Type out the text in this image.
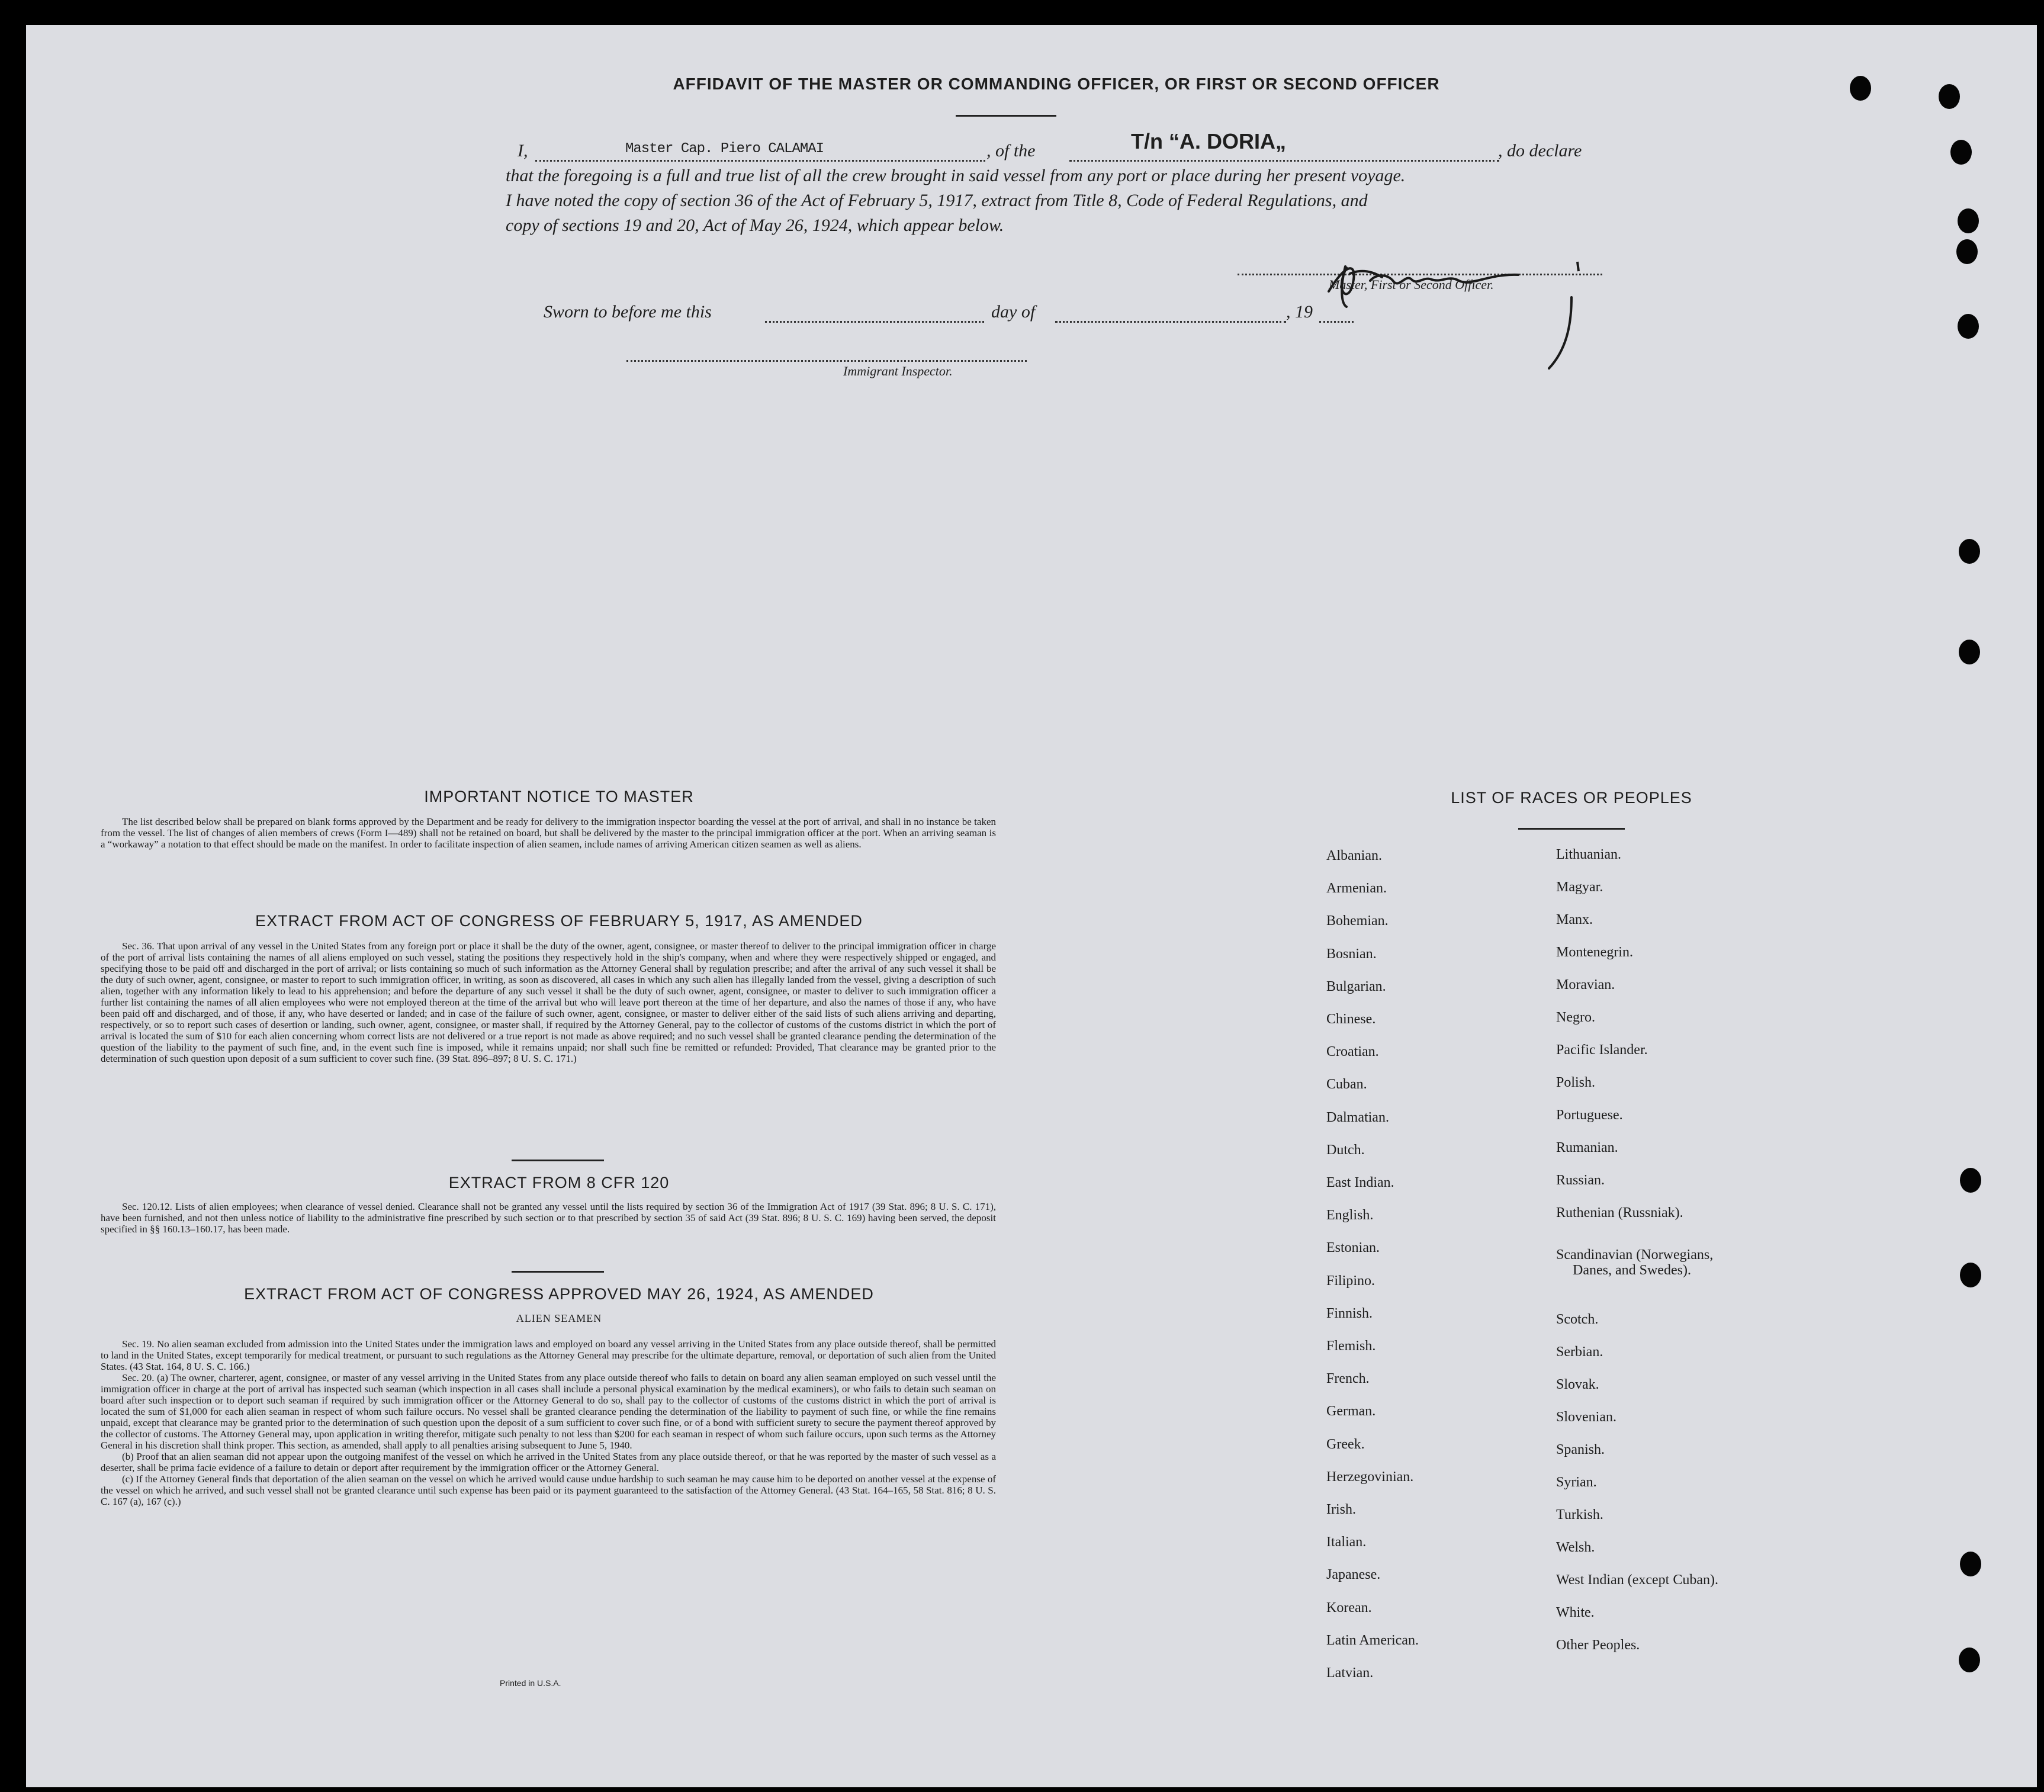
AFFIDAVIT OF THE MASTER OR COMMANDING OFFICER, OR FIRST OR SECOND OFFICER
I,	Master Cap. Piero CALAMAI	, of the	T/n “A. DORIA„	, do declare
that the foregoing is a full and true list of all the crew brought in said vessel from any port or place during her present voyage.
I have noted the copy of section 36 of the Act of February 5, 1917, extract from Title 8, Code of Federal Regulations, and
copy of sections 19 and 20, Act of May 26, 1924, which appear below.
Master, First or Second Officer.
Sworn to before me this	day of	, 19
Immigrant Inspector.
IMPORTANT NOTICE TO MASTER

The list described below shall be prepared on blank forms approved by the Department and be ready for delivery to the immigration inspector boarding the vessel at the port of arrival, and shall in no instance be taken from the vessel. The list of changes of alien members of crews (Form I—489) shall not be retained on board, but shall be delivered by the master to the principal immigration officer at the port. When an arriving seaman is a “workaway” a notation to that effect should be made on the manifest. In order to facilitate inspection of alien seamen, include names of arriving American citizen seamen as well as aliens.

EXTRACT FROM ACT OF CONGRESS OF FEBRUARY 5, 1917, AS AMENDED

Sec. 36. That upon arrival of any vessel in the United States from any foreign port or place it shall be the duty of the owner, agent, consignee, or master thereof to deliver to the principal immigration officer in charge of the port of arrival lists containing the names of all aliens employed on such vessel, stating the positions they respectively hold in the ship's company, when and where they were respectively shipped or engaged, and specifying those to be paid off and discharged in the port of arrival; or lists containing so much of such information as the Attorney General shall by regulation prescribe; and after the arrival of any such vessel it shall be the duty of such owner, agent, consignee, or master to report to such immigration officer, in writing, as soon as discovered, all cases in which any such alien has illegally landed from the vessel, giving a description of such alien, together with any information likely to lead to his apprehension; and before the departure of any such vessel it shall be the duty of such owner, agent, consignee, or master to deliver to such immigration officer a further list containing the names of all alien employees who were not employed thereon at the time of the arrival but who will leave port thereon at the time of her departure, and also the names of those if any, who have been paid off and discharged, and of those, if any, who have deserted or landed; and in case of the failure of such owner, agent, consignee, or master to deliver either of the said lists of such aliens arriving and departing, respectively, or so to report such cases of desertion or landing, such owner, agent, consignee, or master shall, if required by the Attorney General, pay to the collector of customs of the customs district in which the port of arrival is located the sum of $10 for each alien concerning whom correct lists are not delivered or a true report is not made as above required; and no such vessel shall be granted clearance pending the determination of the question of the liability to the payment of such fine, and, in the event such fine is imposed, while it remains unpaid; nor shall such fine be remitted or refunded: Provided, That clearance may be granted prior to the determination of such question upon deposit of a sum sufficient to cover such fine. (39 Stat. 896–897; 8 U. S. C. 171.)

EXTRACT FROM 8 CFR 120

Sec. 120.12. Lists of alien employees; when clearance of vessel denied. Clearance shall not be granted any vessel until the lists required by section 36 of the Immigration Act of 1917 (39 Stat. 896; 8 U. S. C. 171), have been furnished, and not then unless notice of liability to the administrative fine prescribed by such section or to that prescribed by section 35 of said Act (39 Stat. 896; 8 U. S. C. 169) having been served, the deposit specified in §§ 160.13–160.17, has been made.

EXTRACT FROM ACT OF CONGRESS APPROVED MAY 26, 1924, AS AMENDED
ALIEN SEAMEN

Sec. 19. No alien seaman excluded from admission into the United States under the immigration laws and employed on board any vessel arriving in the United States from any place outside thereof, shall be permitted to land in the United States, except temporarily for medical treatment, or pursuant to such regulations as the Attorney General may prescribe for the ultimate departure, removal, or deportation of such alien from the United States. (43 Stat. 164, 8 U. S. C. 166.)

Sec. 20. (a) The owner, charterer, agent, consignee, or master of any vessel arriving in the United States from any place outside thereof who fails to detain on board any alien seaman employed on such vessel until the immigration officer in charge at the port of arrival has inspected such seaman (which inspection in all cases shall include a personal physical examination by the medical examiners), or who fails to detain such seaman on board after such inspection or to deport such seaman if required by such immigration officer or the Attorney General to do so, shall pay to the collector of customs of the customs district in which the port of arrival is located the sum of $1,000 for each alien seaman in respect of whom such failure occurs. No vessel shall be granted clearance pending the determination of the liability to payment of such fine, or while the fine remains unpaid, except that clearance may be granted prior to the determination of such question upon the deposit of a sum sufficient to cover such fine, or of a bond with sufficient surety to secure the payment thereof approved by the collector of customs. The Attorney General may, upon application in writing therefor, mitigate such penalty to not less than $200 for each seaman in respect of whom such failure occurs, upon such terms as the Attorney General in his discretion shall think proper. This section, as amended, shall apply to all penalties arising subsequent to June 5, 1940.

(b) Proof that an alien seaman did not appear upon the outgoing manifest of the vessel on which he arrived in the United States from any place outside thereof, or that he was reported by the master of such vessel as a deserter, shall be prima facie evidence of a failure to detain or deport after requirement by the immigration officer or the Attorney General.

(c) If the Attorney General finds that deportation of the alien seaman on the vessel on which he arrived would cause undue hardship to such seaman he may cause him to be deported on another vessel at the expense of the vessel on which he arrived, and such vessel shall not be granted clearance until such expense has been paid or its payment guaranteed to the satisfaction of the Attorney General. (43 Stat. 164–165, 58 Stat. 816; 8 U. S. C. 167 (a), 167 (c).)

Printed in U.S.A.
LIST OF RACES OR PEOPLES
Albanian.
Armenian.
Bohemian.
Bosnian.
Bulgarian.
Chinese.
Croatian.
Cuban.
Dalmatian.
Dutch.
East Indian.
English.
Estonian.
Filipino.
Finnish.
Flemish.
French.
German.
Greek.
Herzegovinian.
Irish.
Italian.
Japanese.
Korean.
Latin American.
Latvian.
Lithuanian.
Magyar.
Manx.
Montenegrin.
Moravian.
Negro.
Pacific Islander.
Polish.
Portuguese.
Rumanian.
Russian.
Ruthenian (Russniak).
Scandinavian (Norwegians,
Danes, and Swedes).
Scotch.
Serbian.
Slovak.
Slovenian.
Spanish.
Syrian.
Turkish.
Welsh.
West Indian (except Cuban).
White.
Other Peoples.
